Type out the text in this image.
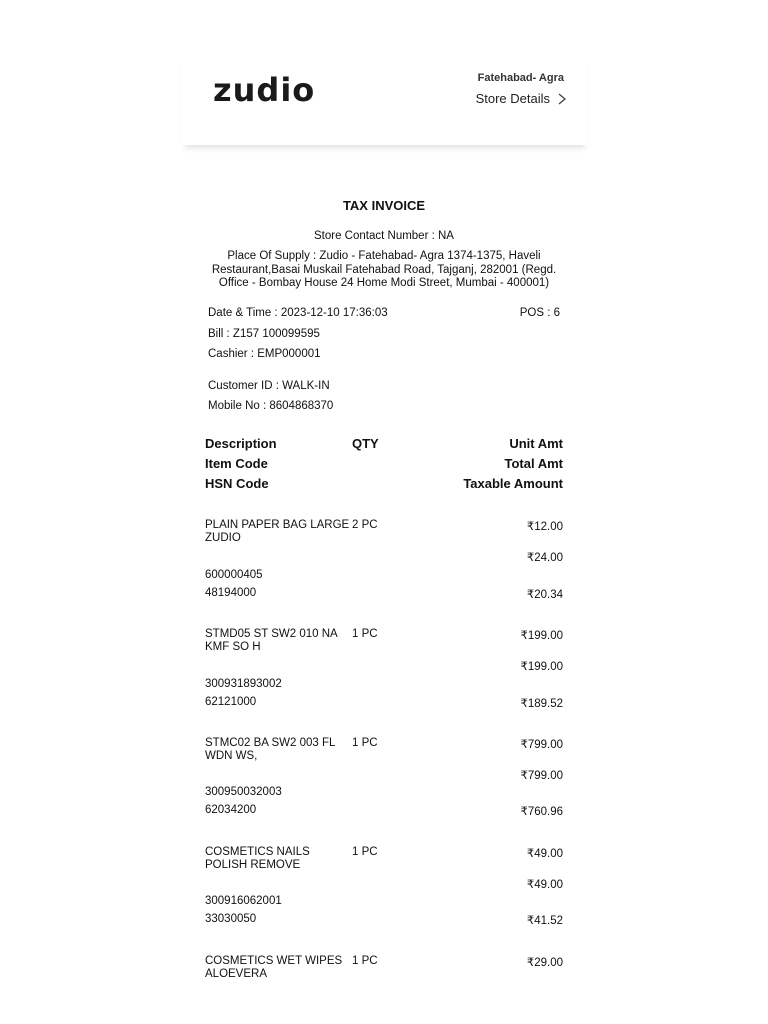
zudio	Fatehabad- Agra
Store Details
TAX INVOICE
Store Contact Number : NA
Place Of Supply : Zudio - Fatehabad- Agra 1374-1375, Haveli Restaurant,Basai Muskail Fatehabad Road, Tajganj, 282001 (Regd. Office - Bombay House 24 Home Modi Street, Mumbai - 400001)
Date & Time : 2023-12-10 17:36:03	POS : 6
Bill : Z157 100099595
Cashier : EMP000001
Customer ID : WALK-IN
Mobile No : 8604868370
Description	QTY	Unit Amt
Item Code	Total Amt
HSN Code	Taxable Amount
PLAIN PAPER BAG LARGE
ZUDIO
2 PC	₹12.00
₹24.00
600000405
48194000	₹20.34
STMD05 ST SW2 010 NA
KMF SO H
1 PC	₹199.00
₹199.00
300931893002
62121000	₹189.52
STMC02 BA SW2 003 FL
WDN WS,
1 PC	₹799.00
₹799.00
300950032003
62034200	₹760.96
COSMETICS NAILS
POLISH REMOVE
1 PC	₹49.00
₹49.00
300916062001
33030050	₹41.52
COSMETICS WET WIPES
ALOEVERA
1 PC	₹29.00
